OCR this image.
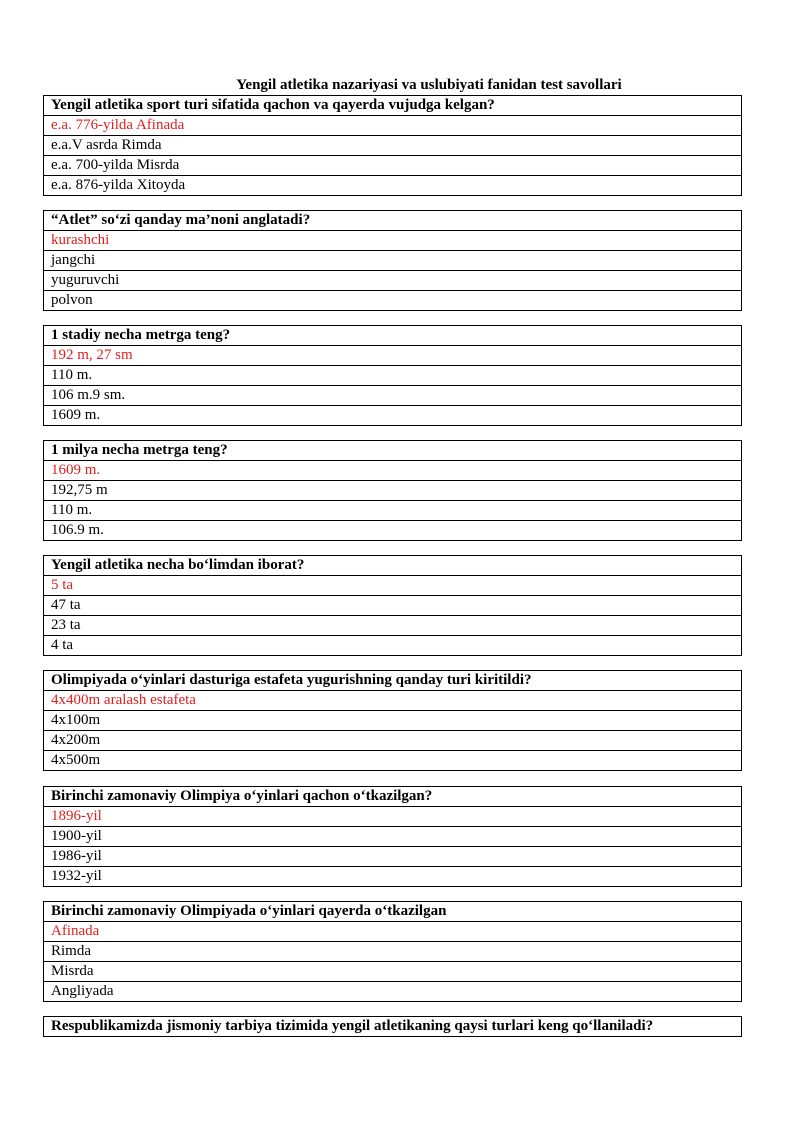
Yengil atletika nazariyasi va uslubiyati fanidan test savollari
Yengil atletika sport turi sifatida qachon va qayerda vujudga kelgan?
e.a. 776-yilda Afinada
e.a.V asrda Rimda
e.a. 700-yilda Misrda
e.a. 876-yilda Xitoyda
“Atlet” so‘zi qanday ma’noni anglatadi?
kurashchi
jangchi
yuguruvchi
polvon
1 stadiy necha metrga teng?
192 m, 27 sm
110 m.
106 m.9 sm.
1609 m.
1 milya necha metrga teng?
1609 m.
192,75 m
110 m.
106.9 m.
Yengil atletika necha bo‘limdan iborat?
5 ta
47 ta
23 ta
4 ta
Olimpiyada o‘yinlari dasturiga estafeta yugurishning qanday turi kiritildi?
4x400m aralash estafeta
4x100m
4x200m
4x500m
Birinchi zamonaviy Olimpiya o‘yinlari qachon o‘tkazilgan?
1896-yil
1900-yil
1986-yil
1932-yil
Birinchi zamonaviy Olimpiyada o‘yinlari qayerda o‘tkazilgan
Afinada
Rimda
Misrda
Angliyada
Respublikamizda jismoniy tarbiya tizimida yengil atletikaning qaysi turlari keng qo‘llaniladi?
